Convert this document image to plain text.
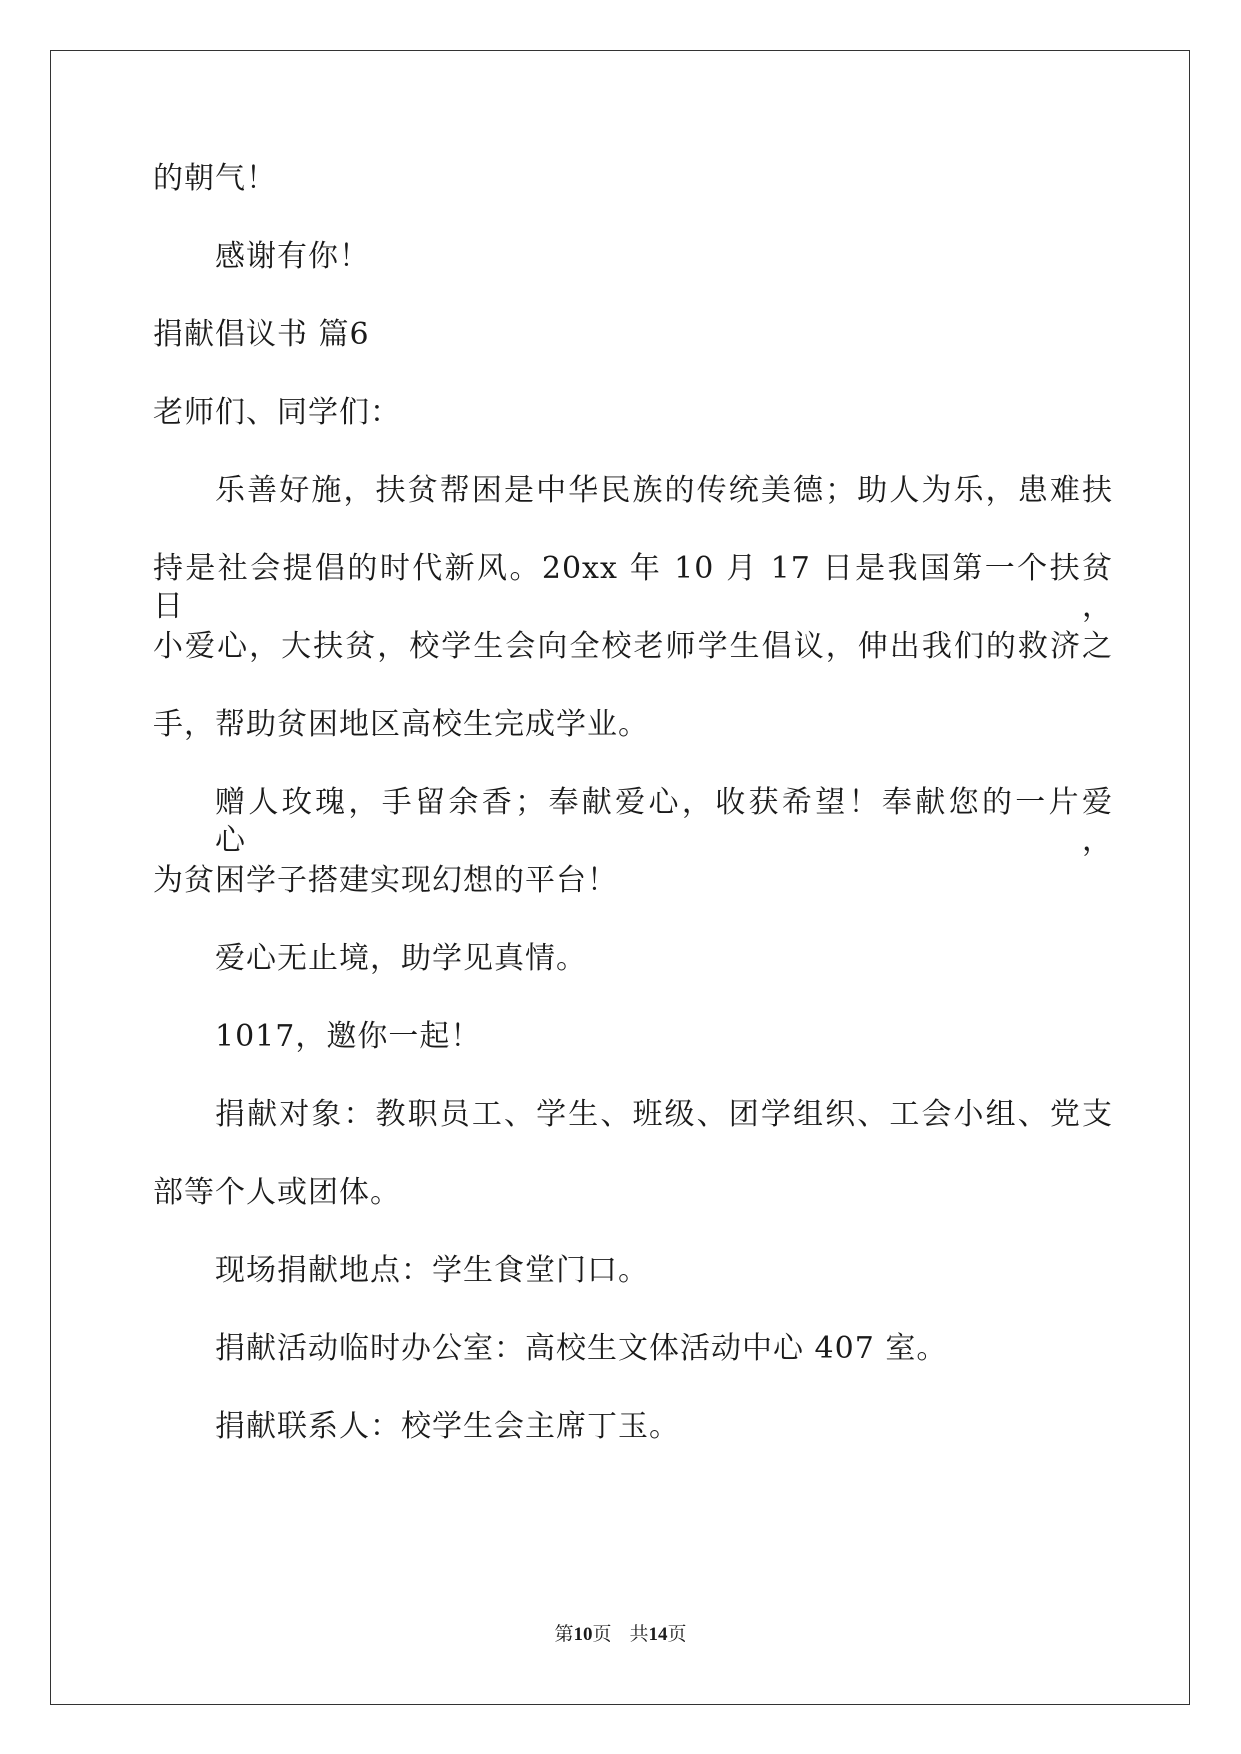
的朝气！
感谢有你！
捐献倡议书 篇6
老师们、同学们：
乐善好施，扶贫帮困是中华民族的传统美德；助人为乐，患难扶
持是社会提倡的时代新风。20xx 年 10 月 17 日是我国第一个扶贫日，
小爱心，大扶贫，校学生会向全校老师学生倡议，伸出我们的救济之
手，帮助贫困地区高校生完成学业。
赠人玫瑰，手留余香；奉献爱心，收获希望！奉献您的一片爱心，
为贫困学子搭建实现幻想的平台！
爱心无止境，助学见真情。
1017，邀你一起！
捐献对象：教职员工、学生、班级、团学组织、工会小组、党支
部等个人或团体。
现场捐献地点：学生食堂门口。
捐献活动临时办公室：高校生文体活动中心 407 室。
捐献联系人：校学生会主席丁玉。
第10页 共14页
